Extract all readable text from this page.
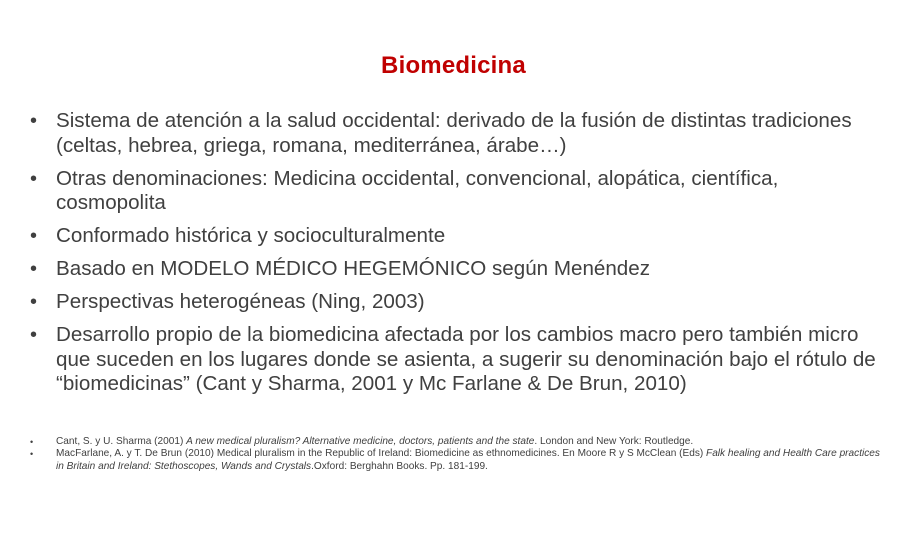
Biomedicina
• Sistema de atención a la salud occidental: derivado de la fusión de distintas tradiciones (celtas, hebrea, griega, romana, mediterránea, árabe…)
• Otras denominaciones: Medicina occidental, convencional, alopática, científica, cosmopolita
• Conformado histórica y socioculturalmente
• Basado en MODELO MÉDICO HEGEMÓNICO según Menéndez
• Perspectivas heterogéneas (Ning, 2003)
• Desarrollo propio de la biomedicina afectada por los cambios macro pero también micro que suceden en los lugares donde se asienta, a sugerir su denominación bajo el rótulo de “biomedicinas” (Cant y Sharma, 2001 y Mc Farlane & De Brun, 2010)
• Cant, S. y U. Sharma (2001) A new medical pluralism? Alternative medicine, doctors, patients and the state. London and New York: Routledge.
• MacFarlane, A. y T. De Brun (2010) Medical pluralism in the Republic of Ireland: Biomedicine as ethnomedicines. En Moore R y S McClean (Eds) Falk healing and Health Care practices in Britain and Ireland: Stethoscopes, Wands and Crystals.Oxford: Berghahn Books. Pp. 181-199.
